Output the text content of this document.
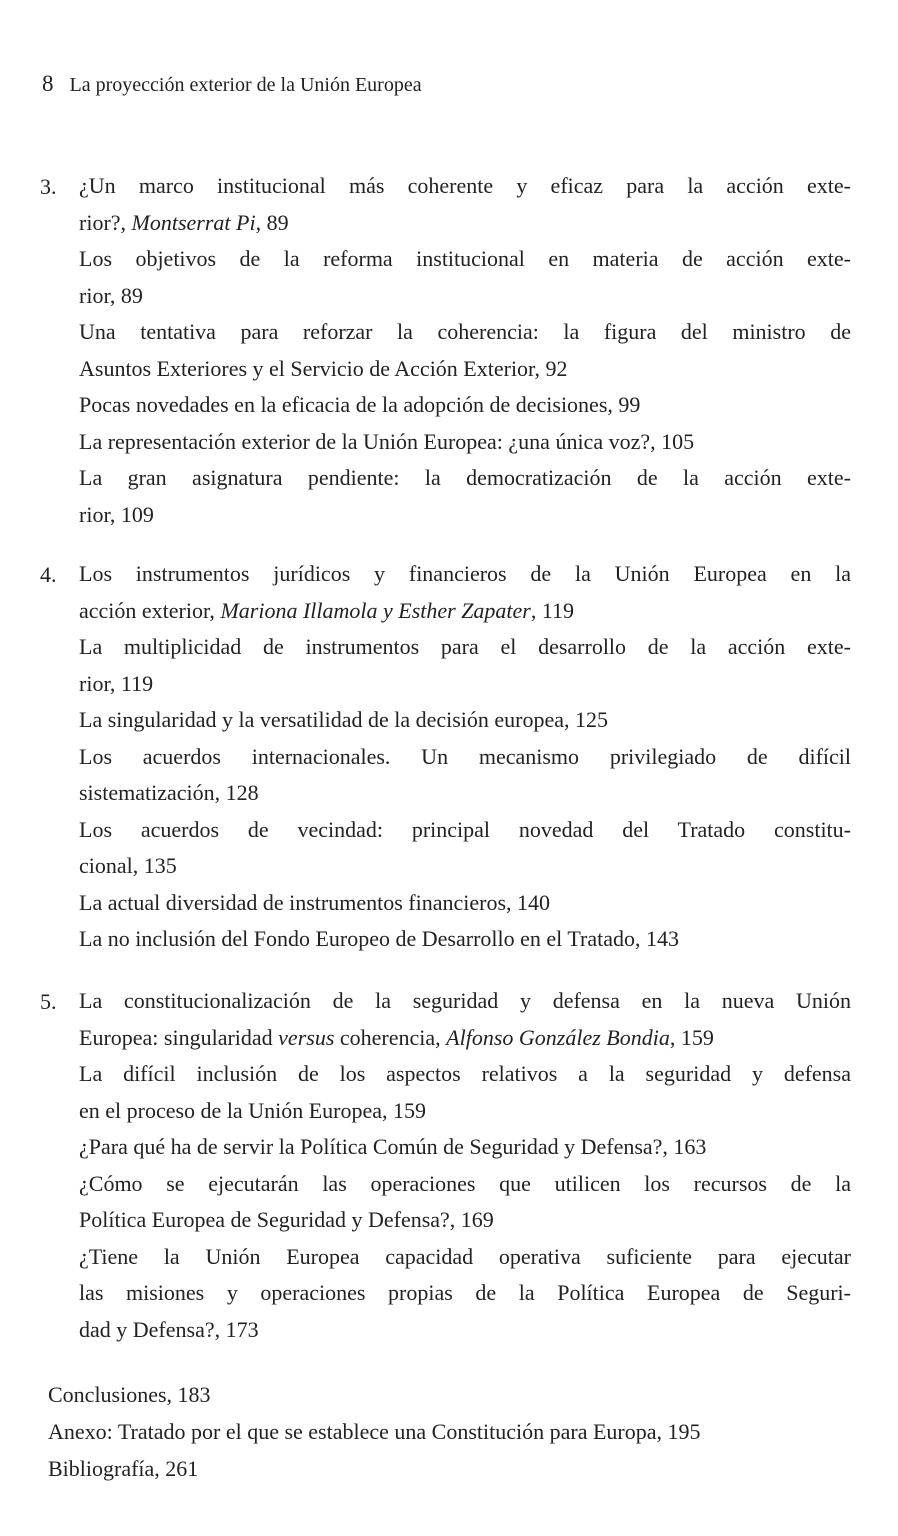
8 La proyección exterior de la Unión Europea
3. ¿Un marco institucional más coherente y eficaz para la acción exte-
rior?, Montserrat Pi, 89
Los objetivos de la reforma institucional en materia de acción exte-
rior, 89
Una tentativa para reforzar la coherencia: la figura del ministro de
Asuntos Exteriores y el Servicio de Acción Exterior, 92
Pocas novedades en la eficacia de la adopción de decisiones, 99
La representación exterior de la Unión Europea: ¿una única voz?, 105
La gran asignatura pendiente: la democratización de la acción exte-
rior, 109
4. Los instrumentos jurídicos y financieros de la Unión Europea en la
acción exterior, Mariona Illamola y Esther Zapater, 119
La multiplicidad de instrumentos para el desarrollo de la acción exte-
rior, 119
La singularidad y la versatilidad de la decisión europea, 125
Los acuerdos internacionales. Un mecanismo privilegiado de difícil
sistematización, 128
Los acuerdos de vecindad: principal novedad del Tratado constitu-
cional, 135
La actual diversidad de instrumentos financieros, 140
La no inclusión del Fondo Europeo de Desarrollo en el Tratado, 143
5. La constitucionalización de la seguridad y defensa en la nueva Unión
Europea: singularidad versus coherencia, Alfonso González Bondia, 159
La difícil inclusión de los aspectos relativos a la seguridad y defensa
en el proceso de la Unión Europea, 159
¿Para qué ha de servir la Política Común de Seguridad y Defensa?, 163
¿Cómo se ejecutarán las operaciones que utilicen los recursos de la
Política Europea de Seguridad y Defensa?, 169
¿Tiene la Unión Europea capacidad operativa suficiente para ejecutar
las misiones y operaciones propias de la Política Europea de Seguri-
dad y Defensa?, 173
Conclusiones, 183
Anexo: Tratado por el que se establece una Constitución para Europa, 195
Bibliografía, 261
